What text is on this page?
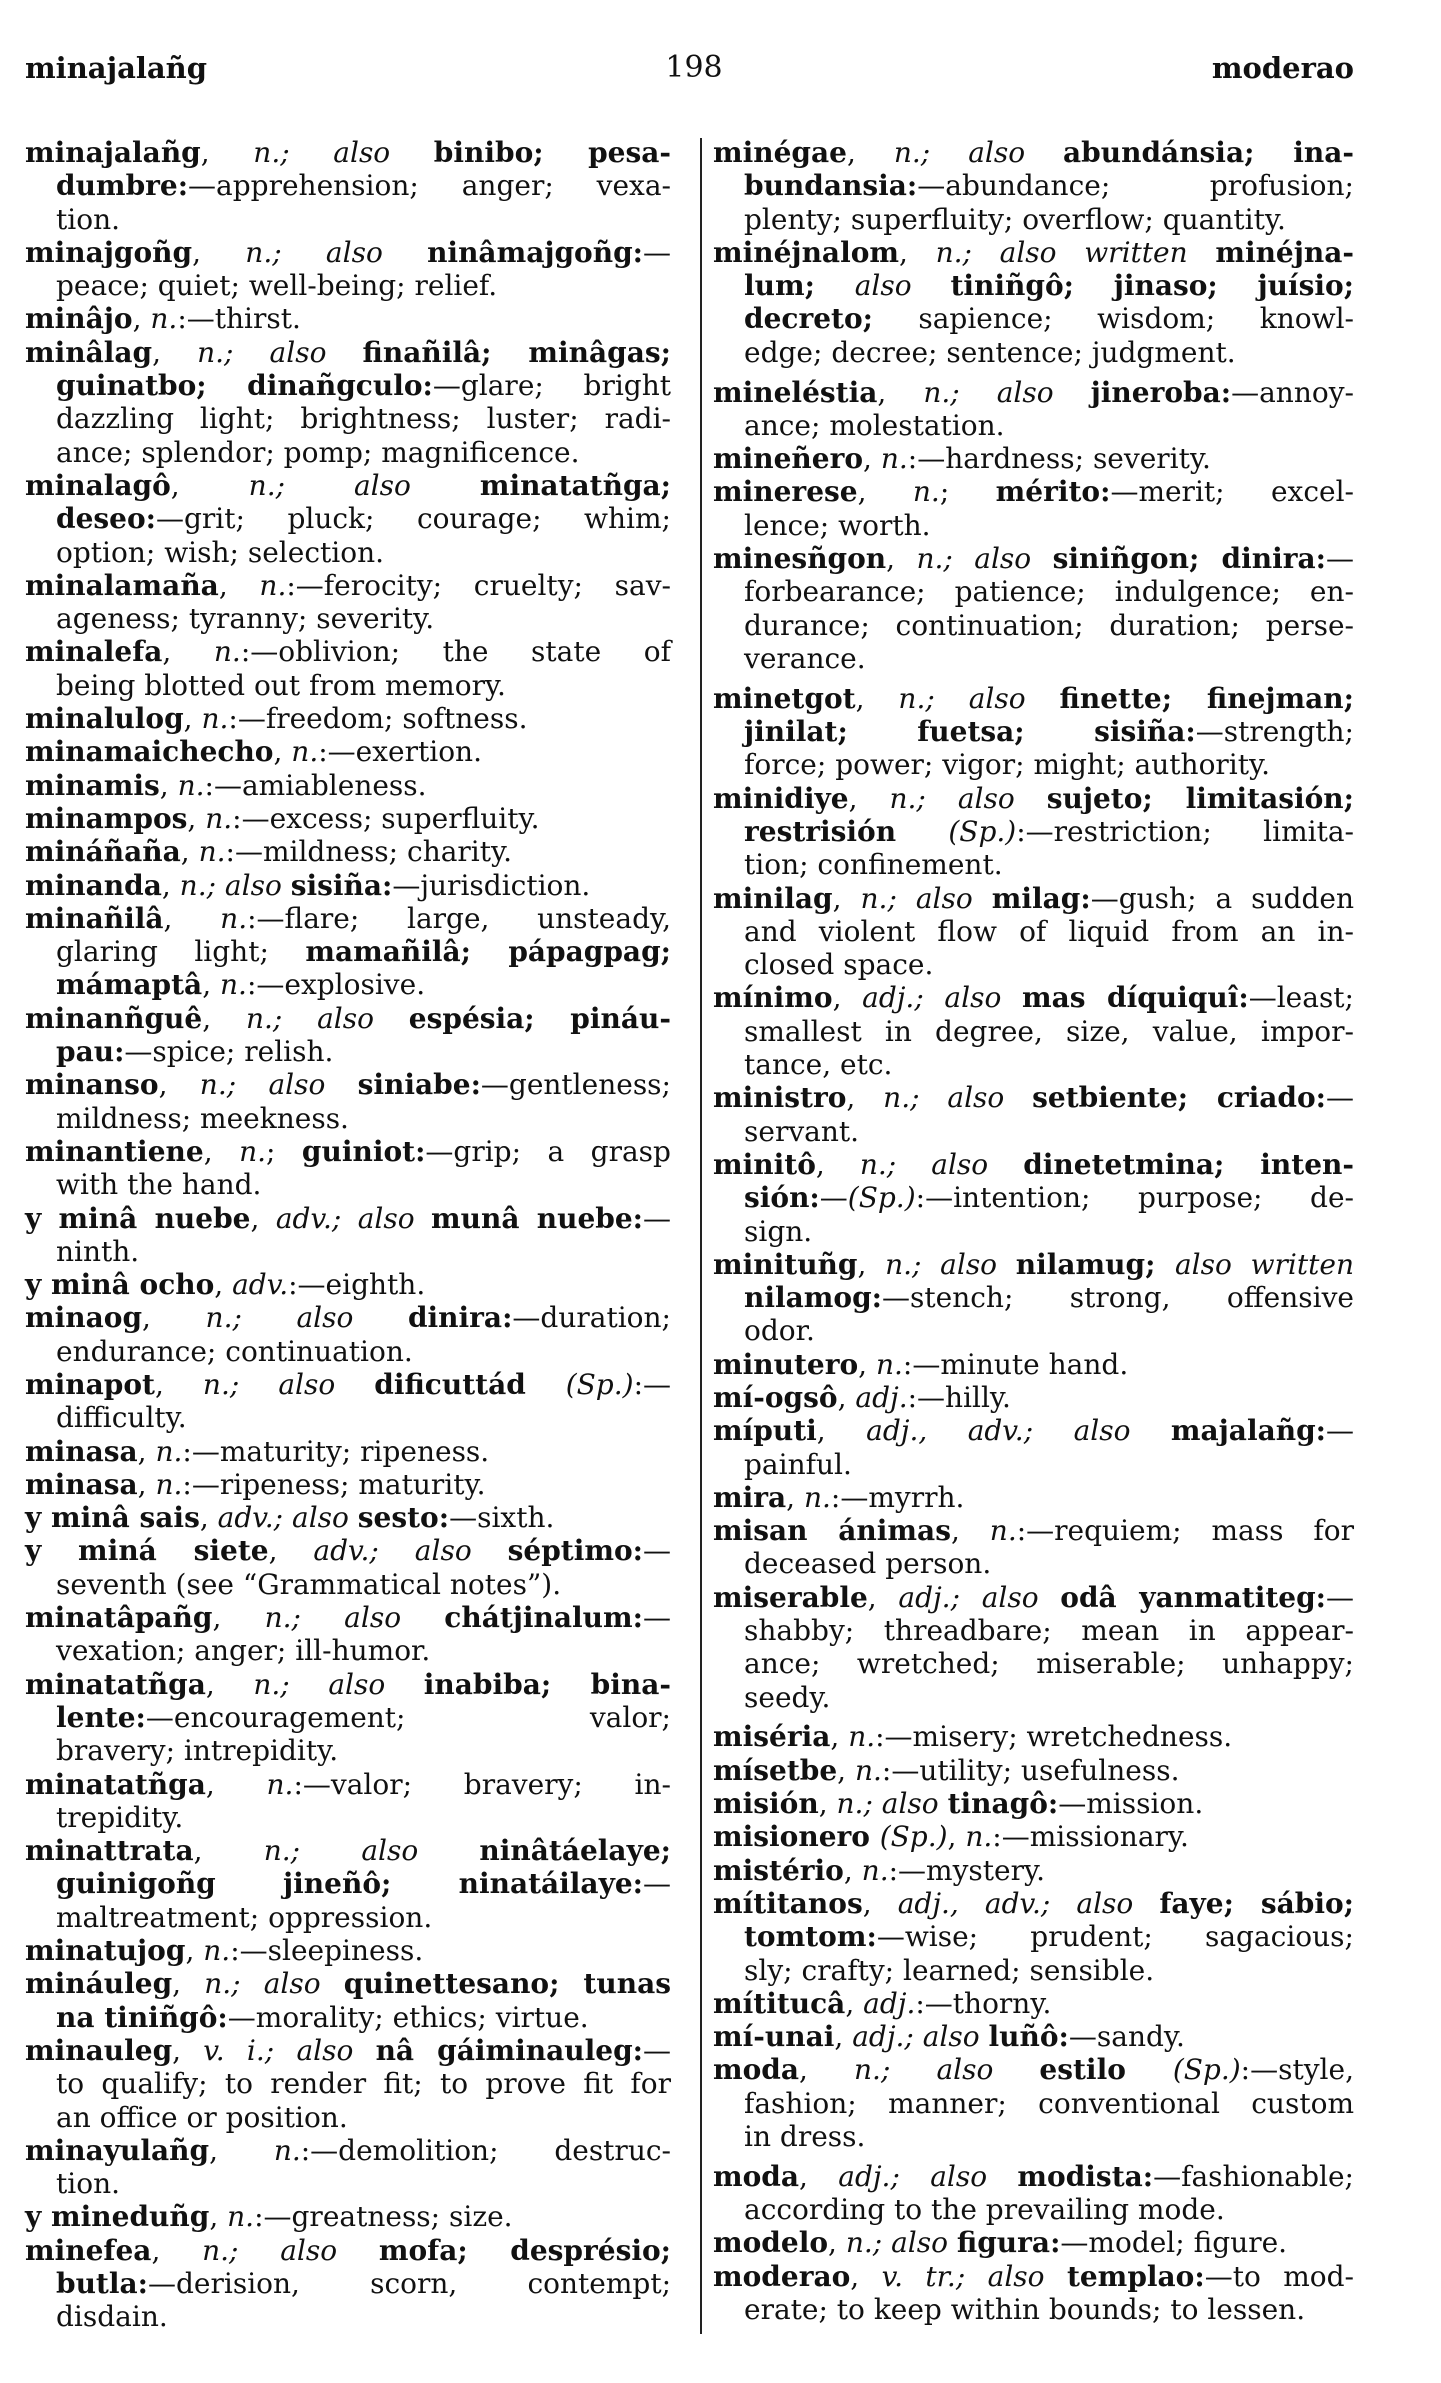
minajalañg	198	moderao
minajalañg, n.; also binibo; pesa-
dumbre:—apprehension; anger; vexa-
tion.
minajgoñg, n.; also ninâmajgoñg:—
peace; quiet; well-being; relief.
minâjo, n.:—thirst.
minâlag, n.; also finañilâ; minâgas;
guinatbo; dinañgculo:—glare; bright
dazzling light; brightness; luster; radi-
ance; splendor; pomp; magnificence.
minalagô, n.; also minatatñga;
deseo:—grit; pluck; courage; whim;
option; wish; selection.
minalamaña, n.:—ferocity; cruelty; sav-
ageness; tyranny; severity.
minalefa, n.:—oblivion; the state of
being blotted out from memory.
minalulog, n.:—freedom; softness.
minamaichecho, n.:—exertion.
minamis, n.:—amiableness.
minampos, n.:—excess; superfluity.
mináñaña, n.:—mildness; charity.
minanda, n.; also sisiña:—jurisdiction.
minañilâ, n.:—flare; large, unsteady,
glaring light; mamañilâ; pápagpag;
mámaptâ, n.:—explosive.
minanñguê, n.; also espésia; pináu-
pau:—spice; relish.
minanso, n.; also siniabe:—gentleness;
mildness; meekness.
minantiene, n.; guiniot:—grip; a grasp
with the hand.
y minâ nuebe, adv.; also munâ nuebe:—
ninth.
y minâ ocho, adv.:—eighth.
minaog, n.; also dinira:—duration;
endurance; continuation.
minapot, n.; also dificuttád (Sp.):—
difficulty.
minasa, n.:—maturity; ripeness.
minasa, n.:—ripeness; maturity.
y minâ sais, adv.; also sesto:—sixth.
y miná siete, adv.; also séptimo:—
seventh (see “Grammatical notes”).
minatâpañg, n.; also chátjinalum:—
vexation; anger; ill-humor.
minatatñga, n.; also inabiba; bina-
lente:—encouragement; valor;
bravery; intrepidity.
minatatñga, n.:—valor; bravery; in-
trepidity.
minattrata, n.; also ninâtáelaye;
guinigoñg jineñô; ninatáilaye:—
maltreatment; oppression.
minatujog, n.:—sleepiness.
mináuleg, n.; also quinettesano; tunas
na tiniñgô:—morality; ethics; virtue.
minauleg, v. i.; also nâ gáiminauleg:—
to qualify; to render fit; to prove fit for
an office or position.
minayulañg, n.:—demolition; destruc-
tion.
y mineduñg, n.:—greatness; size.
minefea, n.; also mofa; desprésio;
butla:—derision, scorn, contempt;
disdain.
minégae, n.; also abundánsia; ina-
bundansia:—abundance; profusion;
plenty; superfluity; overflow; quantity.
minéjnalom, n.; also written minéjna-
lum; also tiniñgô; jinaso; juísio;
decreto; sapience; wisdom; knowl-
edge; decree; sentence; judgment.
mineléstia, n.; also jineroba:—annoy-
ance; molestation.
mineñero, n.:—hardness; severity.
minerese, n.; mérito:—merit; excel-
lence; worth.
minesñgon, n.; also siniñgon; dinira:—
forbearance; patience; indulgence; en-
durance; continuation; duration; perse-
verance.
minetgot, n.; also finette; finejman;
jinilat; fuetsa; sisiña:—strength;
force; power; vigor; might; authority.
minidiye, n.; also sujeto; limitasión;
restrisión (Sp.):—restriction; limita-
tion; confinement.
minilag, n.; also milag:—gush; a sudden
and violent flow of liquid from an in-
closed space.
mínimo, adj.; also mas díquiquî:—least;
smallest in degree, size, value, impor-
tance, etc.
ministro, n.; also setbiente; criado:—
servant.
minitô, n.; also dinetetmina; inten-
sión:—(Sp.):—intention; purpose; de-
sign.
minituñg, n.; also nilamug; also written
nilamog:—stench; strong, offensive
odor.
minutero, n.:—minute hand.
mí-ogsô, adj.:—hilly.
míputi, adj., adv.; also majalañg:—
painful.
mira, n.:—myrrh.
misan ánimas, n.:—requiem; mass for
deceased person.
miserable, adj.; also odâ yanmatiteg:—
shabby; threadbare; mean in appear-
ance; wretched; miserable; unhappy;
seedy.
miséria, n.:—misery; wretchedness.
mísetbe, n.:—utility; usefulness.
misión, n.; also tinagô:—mission.
misionero (Sp.), n.:—missionary.
mistério, n.:—mystery.
mítitanos, adj., adv.; also faye; sábio;
tomtom:—wise; prudent; sagacious;
sly; crafty; learned; sensible.
mítitucâ, adj.:—thorny.
mí-unai, adj.; also luñô:—sandy.
moda, n.; also estilo (Sp.):—style,
fashion; manner; conventional custom
in dress.
moda, adj.; also modista:—fashionable;
according to the prevailing mode.
modelo, n.; also figura:—model; figure.
moderao, v. tr.; also templao:—to mod-
erate; to keep within bounds; to lessen.
